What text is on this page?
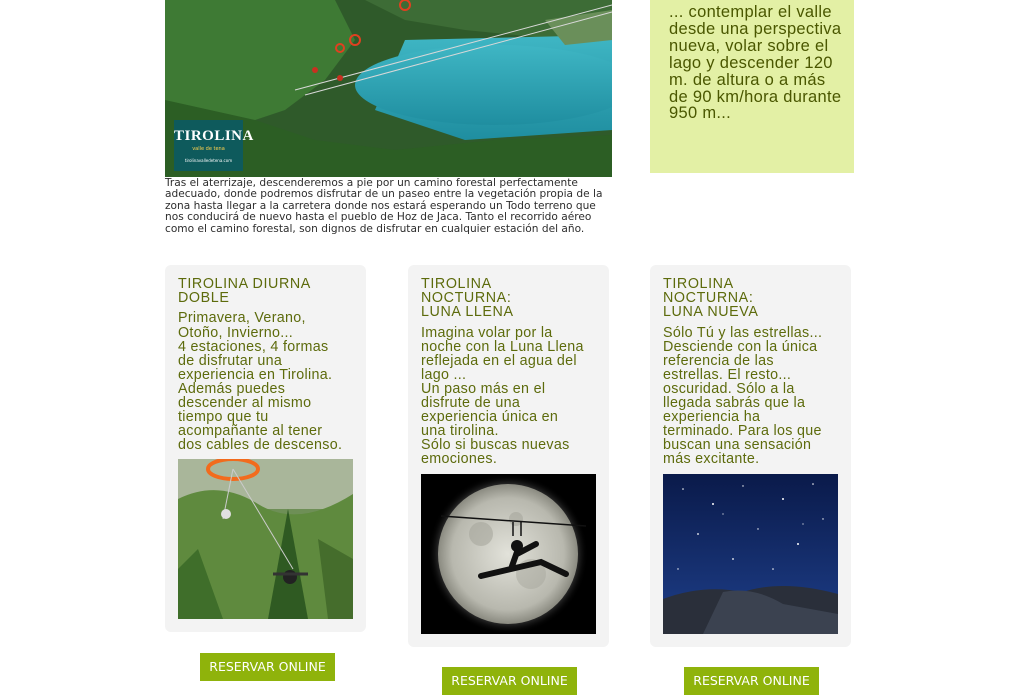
TIROLINA
valle de tena
tirolinavalledetena.com

Tras el aterrizaje, descenderemos a pie por un camino forestal perfectamente adecuado, donde podremos disfrutar de un paseo entre la vegetación propia de la zona hasta llegar a la carretera donde nos estará esperando un Todo terreno que nos conducirá de nuevo hasta el pueblo de Hoz de Jaca. Tanto el recorrido aéreo como el camino forestal, son dignos de disfrutar en cualquier estación del año.

... contemplar el valle desde una perspectiva nueva, volar sobre el lago y descender 120 m. de altura o a más de 90 km/hora durante 950 m...

TIROLINA DIURNA
DOBLE

Primavera, Verano,
Otoño, Invierno...
4 estaciones, 4 formas
de disfrutar una
experiencia en Tirolina.
Además puedes
descender al mismo
tiempo que tu
acompañante al tener
dos cables de descenso.

TIROLINA
NOCTURNA:
LUNA LLENA

Imagina volar por la
noche con la Luna Llena
reflejada en el agua del
lago ...
Un paso más en el
disfrute de una
experiencia única en
una tirolina.
Sólo si buscas nuevas
emociones.

TIROLINA
NOCTURNA:
LUNA NUEVA

Sólo Tú y las estrellas...
Desciende con la única
referencia de las
estrellas. El resto...
oscuridad. Sólo a la
llegada sabrás que la
experiencia ha
terminado. Para los que
buscan una sensación
más excitante.

RESERVAR ONLINE
RESERVAR ONLINE	RESERVAR ONLINE
